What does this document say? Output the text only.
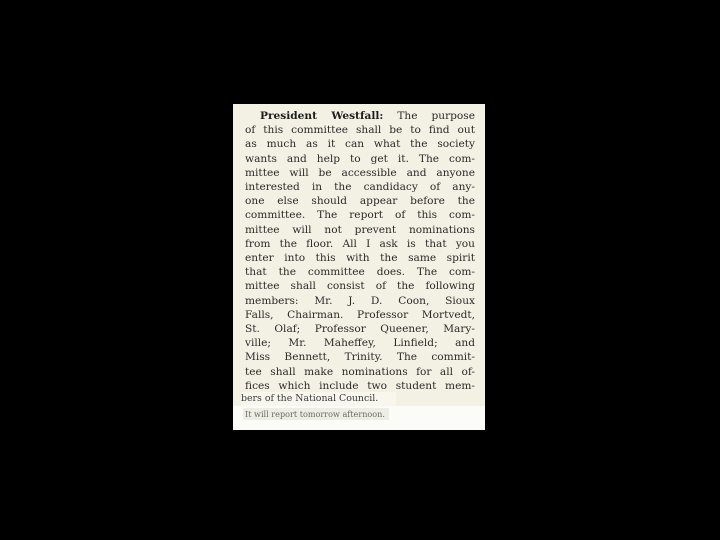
President Westfall: The purpose
of this committee shall be to find out
as much as it can what the society
wants and help to get it. The com-
mittee will be accessible and anyone
interested in the candidacy of any-
one else should appear before the
committee. The report of this com-
mittee will not prevent nominations
from the floor. All I ask is that you
enter into this with the same spirit
that the committee does. The com-
mittee shall consist of the following
members: Mr. J. D. Coon, Sioux
Falls, Chairman. Professor Mortvedt,
St. Olaf; Professor Queener, Mary-
ville; Mr. Maheffey, Linfield; and
Miss Bennett, Trinity. The commit-
tee shall make nominations for all of-
fices which include two student mem-
bers of the National Council.
It will report tomorrow afternoon.
